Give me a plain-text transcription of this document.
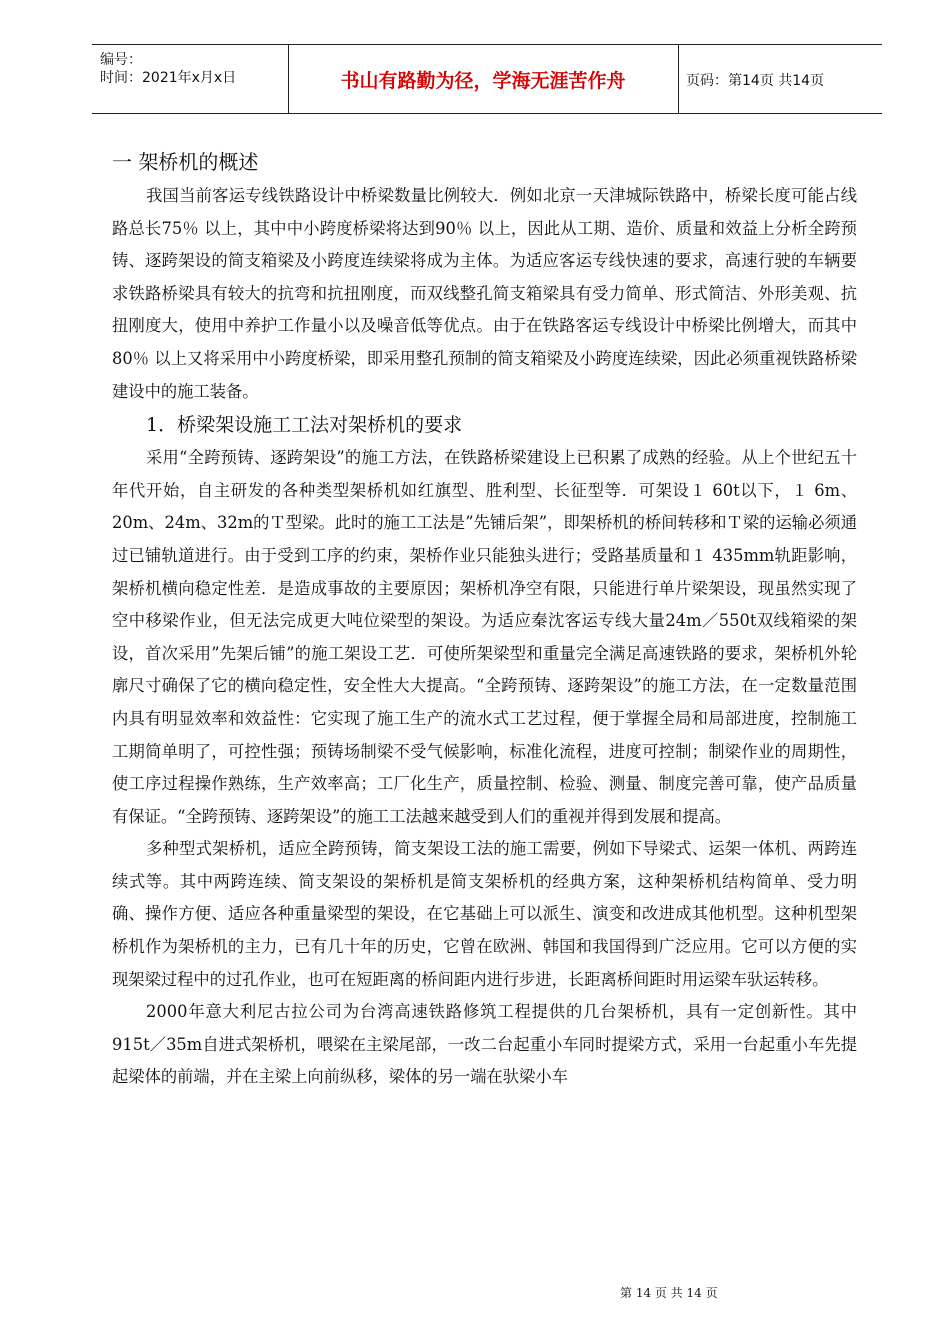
编号：
时间：2021年x月x日	书山有路勤为径，学海无涯苦作舟	页码：第14页 共14页
一 架桥机的概述

我国当前客运专线铁路设计中桥梁数量比例较大．例如北京一天津城际铁路中，桥梁长度可能占线路总长75％ 以上，其中中小跨度桥梁将达到90％ 以上，因此从工期、造价、质量和效益上分析全跨预铸、逐跨架设的简支箱梁及小跨度连续梁将成为主体。为适应客运专线快速的要求，高速行驶的车辆要求铁路桥梁具有较大的抗弯和抗扭刚度，而双线整孔简支箱梁具有受力简单、形式简洁、外形美观、抗扭刚度大，使用中养护工作量小以及噪音低等优点。由于在铁路客运专线设计中桥梁比例增大，而其中80％ 以上又将采用中小跨度桥梁，即采用整孔预制的简支箱梁及小跨度连续梁，因此必须重视铁路桥梁建设中的施工装备。

1．桥梁架设施工工法对架桥机的要求

采用“全跨预铸、逐跨架设”的施工方法，在铁路桥梁建设上已积累了成熟的经验。从上个世纪五十年代开始，自主研发的各种类型架桥机如红旗型、胜利型、长征型等．可架设１ 60t以下，１ 6m、20m、24m、32m的Ｔ型梁。此时的施工工法是”先铺后架”，即架桥机的桥间转移和Ｔ梁的运输必须通过已铺轨道进行。由于受到工序的约束，架桥作业只能独头进行；受路基质量和１ 435mm轨距影响，架桥机横向稳定性差．是造成事故的主要原因；架桥机净空有限，只能进行单片梁架设，现虽然实现了空中移梁作业，但无法完成更大吨位梁型的架设。为适应秦沈客运专线大量24m／550t双线箱梁的架设，首次采用”先架后铺”的施工架设工艺．可使所架梁型和重量完全满足高速铁路的要求，架桥机外轮廓尺寸确保了它的横向稳定性，安全性大大提高。“全跨预铸、逐跨架设”的施工方法，在一定数量范围内具有明显效率和效益性：它实现了施工生产的流水式工艺过程，便于掌握全局和局部进度，控制施工工期简单明了，可控性强；预铸场制梁不受气候影响，标准化流程，进度可控制；制梁作业的周期性，使工序过程操作熟练，生产效率高；工厂化生产，质量控制、检验、测量、制度完善可靠，使产品质量有保证。“全跨预铸、逐跨架设”的施工工法越来越受到人们的重视并得到发展和提高。

多种型式架桥机，适应全跨预铸，简支架设工法的施工需要，例如下导梁式、运架一体机、两跨连续式等。其中两跨连续、简支架设的架桥机是简支架桥机的经典方案，这种架桥机结构简单、受力明确、操作方便、适应各种重量梁型的架设，在它基础上可以派生、演变和改进成其他机型。这种机型架桥机作为架桥机的主力，已有几十年的历史，它曾在欧洲、韩国和我国得到广泛应用。它可以方便的实现架梁过程中的过孔作业，也可在短距离的桥间距内进行步进，长距离桥间距时用运梁车驮运转移。

2000年意大利尼古拉公司为台湾高速铁路修筑工程提供的几台架桥机，具有一定创新性。其中915t／35m自进式架桥机，喂梁在主梁尾部，一改二台起重小车同时提梁方式，采用一台起重小车先提起梁体的前端，并在主梁上向前纵移，梁体的另一端在驮梁小车

第 14 页 共 14 页
